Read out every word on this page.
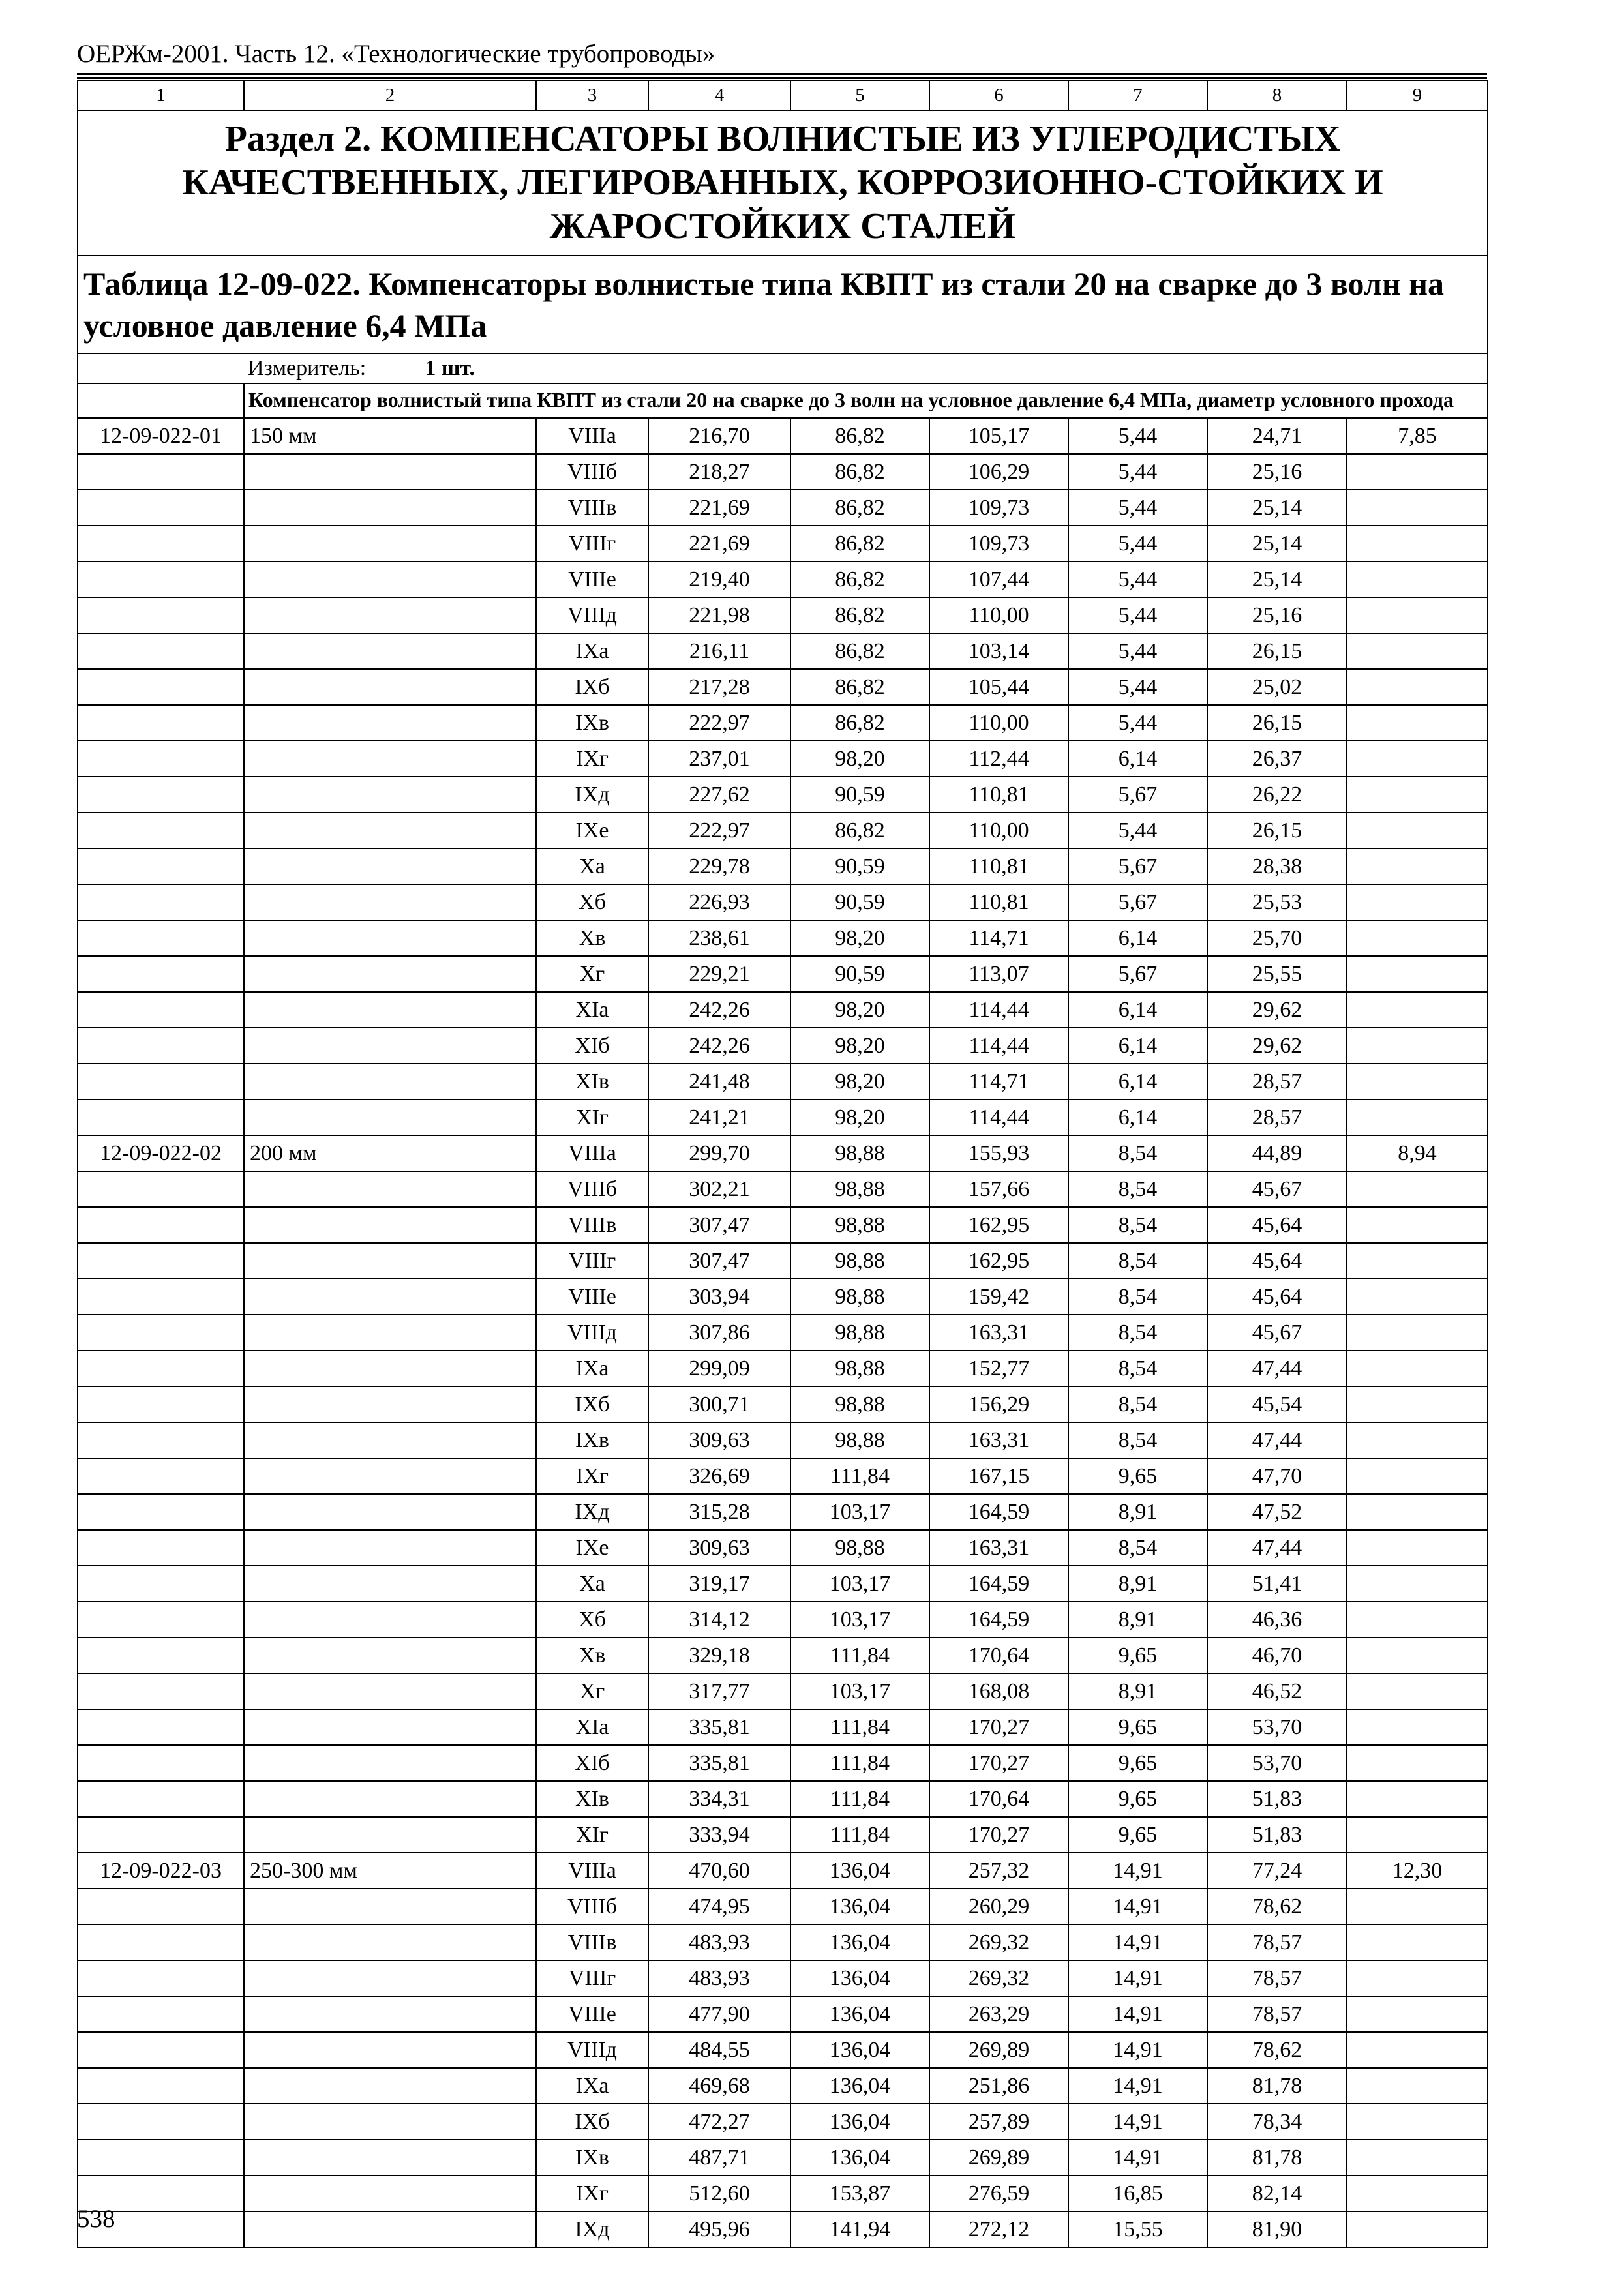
ОЕРЖм-2001. Часть 12. «Технологические трубопроводы»
1	2	3	4	5	6	7	8	9
Раздел 2. КОМПЕНСАТОРЫ ВОЛНИСТЫЕ ИЗ УГЛЕРОДИСТЫХ КАЧЕСТВЕННЫХ, ЛЕГИРОВАННЫХ, КОРРОЗИОННО-СТОЙКИХ И ЖАРОСТОЙКИХ СТАЛЕЙ								
Таблица 12-09-022. Компенсаторы волнистые типа КВПТ из стали 20 на сварке до 3 волн на условное давление 6,4 МПа								
	Измеритель: 1 шт.							

	Компенсатор волнистый типа КВПТ из стали 20 на сварке до 3 волн на условное давление 6,4 МПа, диаметр условного прохода							

12-09-022-01	150 мм	VIIIа	216,70	86,82	105,17	5,44	24,71	7,85
		VIIIб	218,27	86,82	106,29	5,44	25,16	
		VIIIв	221,69	86,82	109,73	5,44	25,14	
		VIIIг	221,69	86,82	109,73	5,44	25,14	
		VIIIе	219,40	86,82	107,44	5,44	25,14	
		VIIIд	221,98	86,82	110,00	5,44	25,16	
		IXа	216,11	86,82	103,14	5,44	26,15	
		IXб	217,28	86,82	105,44	5,44	25,02	
		IXв	222,97	86,82	110,00	5,44	26,15	
		IXг	237,01	98,20	112,44	6,14	26,37	
		IXд	227,62	90,59	110,81	5,67	26,22	
		IXе	222,97	86,82	110,00	5,44	26,15	
		Xа	229,78	90,59	110,81	5,67	28,38	
		Xб	226,93	90,59	110,81	5,67	25,53	
		Xв	238,61	98,20	114,71	6,14	25,70	
		Xг	229,21	90,59	113,07	5,67	25,55	
		XIа	242,26	98,20	114,44	6,14	29,62	
		XIб	242,26	98,20	114,44	6,14	29,62	
		XIв	241,48	98,20	114,71	6,14	28,57	
		XIг	241,21	98,20	114,44	6,14	28,57	
12-09-022-02	200 мм	VIIIа	299,70	98,88	155,93	8,54	44,89	8,94
		VIIIб	302,21	98,88	157,66	8,54	45,67	
		VIIIв	307,47	98,88	162,95	8,54	45,64	
		VIIIг	307,47	98,88	162,95	8,54	45,64	
		VIIIе	303,94	98,88	159,42	8,54	45,64	
		VIIIд	307,86	98,88	163,31	8,54	45,67	
		IXа	299,09	98,88	152,77	8,54	47,44	
		IXб	300,71	98,88	156,29	8,54	45,54	
		IXв	309,63	98,88	163,31	8,54	47,44	
		IXг	326,69	111,84	167,15	9,65	47,70	
		IXд	315,28	103,17	164,59	8,91	47,52	
		IXе	309,63	98,88	163,31	8,54	47,44	
		Xа	319,17	103,17	164,59	8,91	51,41	
		Xб	314,12	103,17	164,59	8,91	46,36	
		Xв	329,18	111,84	170,64	9,65	46,70	
		Xг	317,77	103,17	168,08	8,91	46,52	
		XIа	335,81	111,84	170,27	9,65	53,70	
		XIб	335,81	111,84	170,27	9,65	53,70	
		XIв	334,31	111,84	170,64	9,65	51,83	
		XIг	333,94	111,84	170,27	9,65	51,83	
12-09-022-03	250-300 мм	VIIIа	470,60	136,04	257,32	14,91	77,24	12,30
		VIIIб	474,95	136,04	260,29	14,91	78,62	
		VIIIв	483,93	136,04	269,32	14,91	78,57	
		VIIIг	483,93	136,04	269,32	14,91	78,57	
		VIIIе	477,90	136,04	263,29	14,91	78,57	
		VIIIд	484,55	136,04	269,89	14,91	78,62	
		IXа	469,68	136,04	251,86	14,91	81,78	
		IXб	472,27	136,04	257,89	14,91	78,34	
		IXв	487,71	136,04	269,89	14,91	81,78	
		IXг	512,60	153,87	276,59	16,85	82,14	
		IXд	495,96	141,94	272,12	15,55	81,90	
538
